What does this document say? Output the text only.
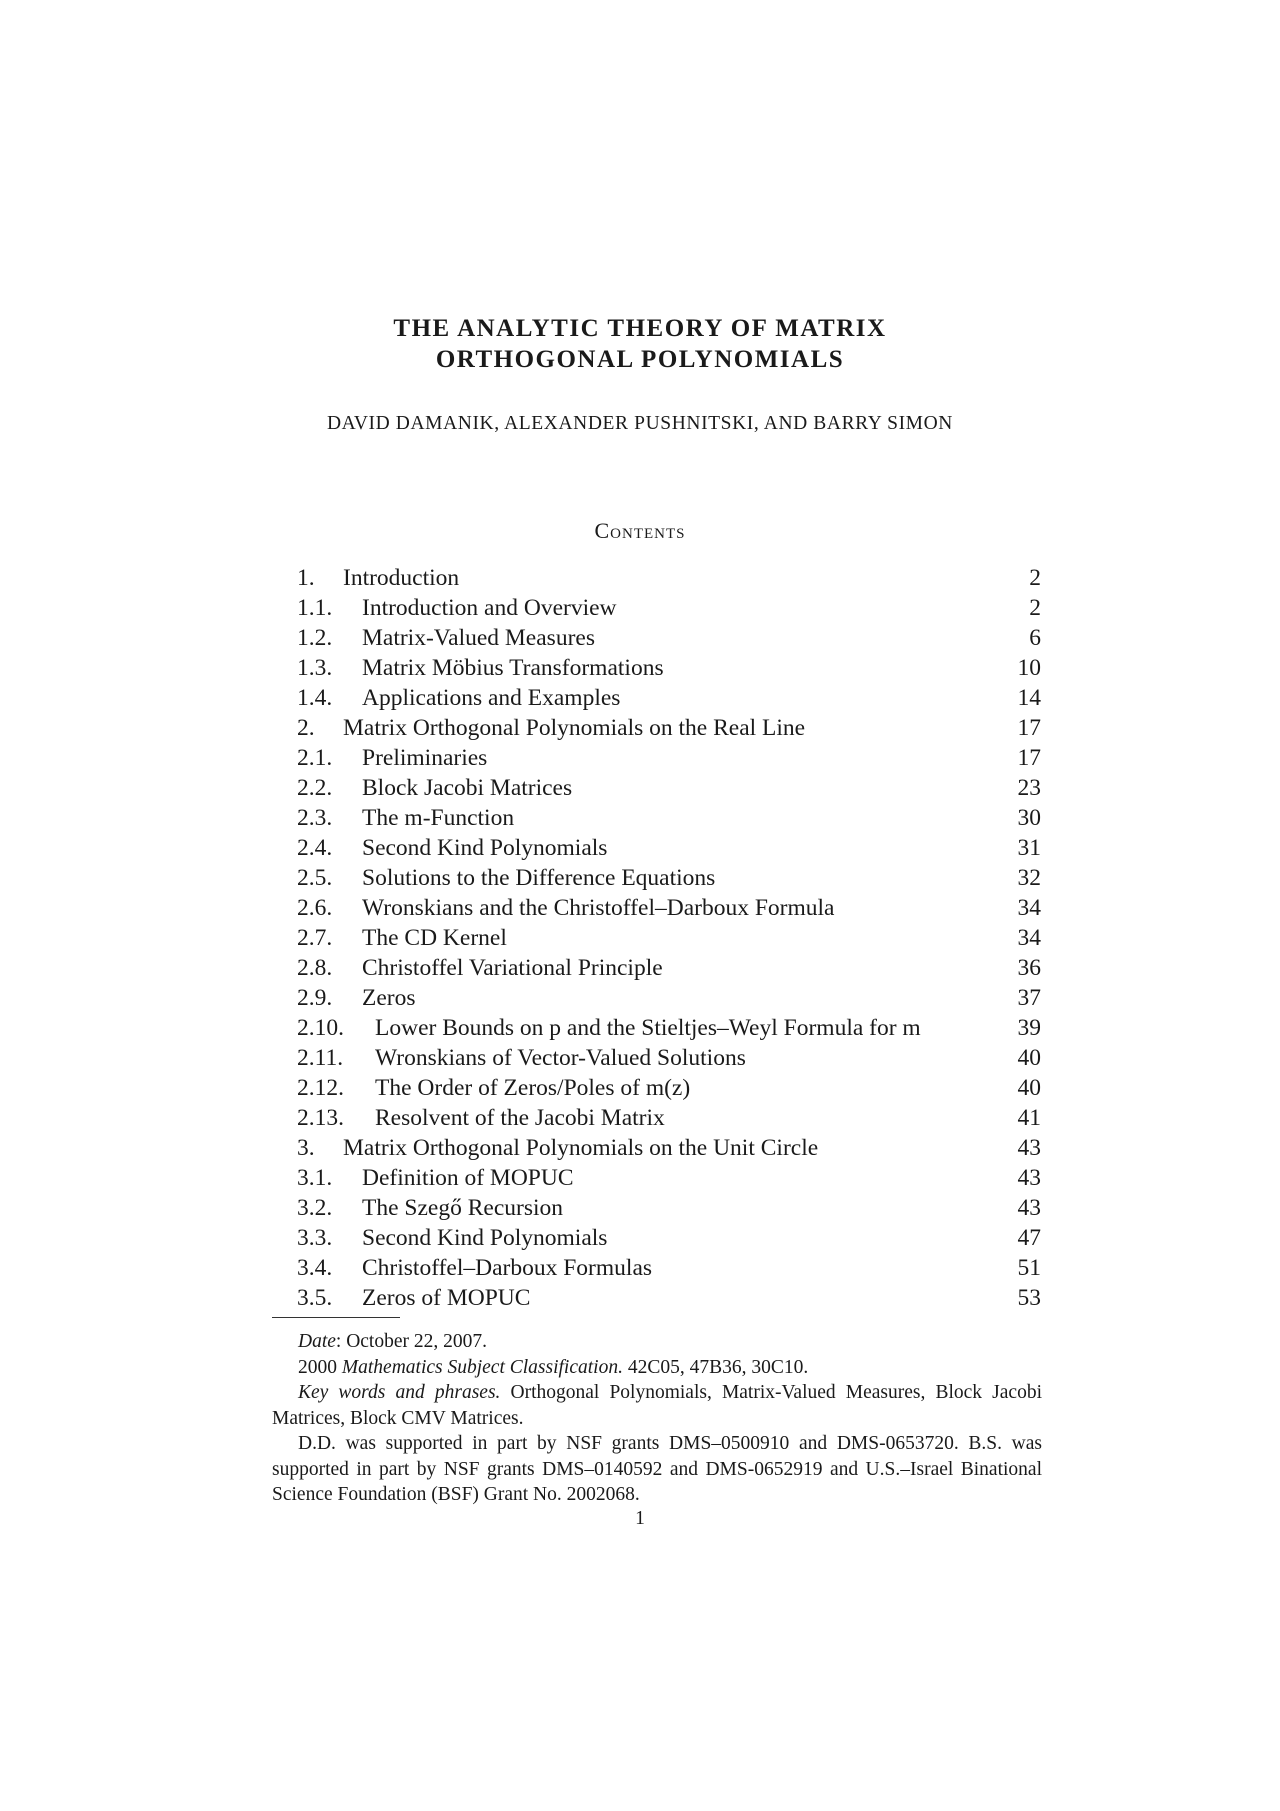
THE ANALYTIC THEORY OF MATRIX
ORTHOGONAL POLYNOMIALS
DAVID DAMANIK, ALEXANDER PUSHNITSKI, AND BARRY SIMON
Contents
1. Introduction	2
1.1. Introduction and Overview	2
1.2. Matrix-Valued Measures	6
1.3. Matrix Möbius Transformations	10
1.4. Applications and Examples	14
2. Matrix Orthogonal Polynomials on the Real Line	17
2.1. Preliminaries	17
2.2. Block Jacobi Matrices	23
2.3. The m-Function	30
2.4. Second Kind Polynomials	31
2.5. Solutions to the Difference Equations	32
2.6. Wronskians and the Christoffel–Darboux Formula	34
2.7. The CD Kernel	34
2.8. Christoffel Variational Principle	36
2.9. Zeros	37
2.10. Lower Bounds on p and the Stieltjes–Weyl Formula for m	39
2.11. Wronskians of Vector-Valued Solutions	40
2.12. The Order of Zeros/Poles of m(z)	40
2.13. Resolvent of the Jacobi Matrix	41
3. Matrix Orthogonal Polynomials on the Unit Circle	43
3.1. Definition of MOPUC	43
3.2. The Szegő Recursion	43
3.3. Second Kind Polynomials	47
3.4. Christoffel–Darboux Formulas	51
3.5. Zeros of MOPUC	53

Date: October 22, 2007.

2000 Mathematics Subject Classification. 42C05, 47B36, 30C10.

Key words and phrases. Orthogonal Polynomials, Matrix-Valued Measures, Block Jacobi Matrices, Block CMV Matrices.

D.D. was supported in part by NSF grants DMS–0500910 and DMS-0653720. B.S. was supported in part by NSF grants DMS–0140592 and DMS-0652919 and U.S.–Israel Binational Science Foundation (BSF) Grant No. 2002068.

1
